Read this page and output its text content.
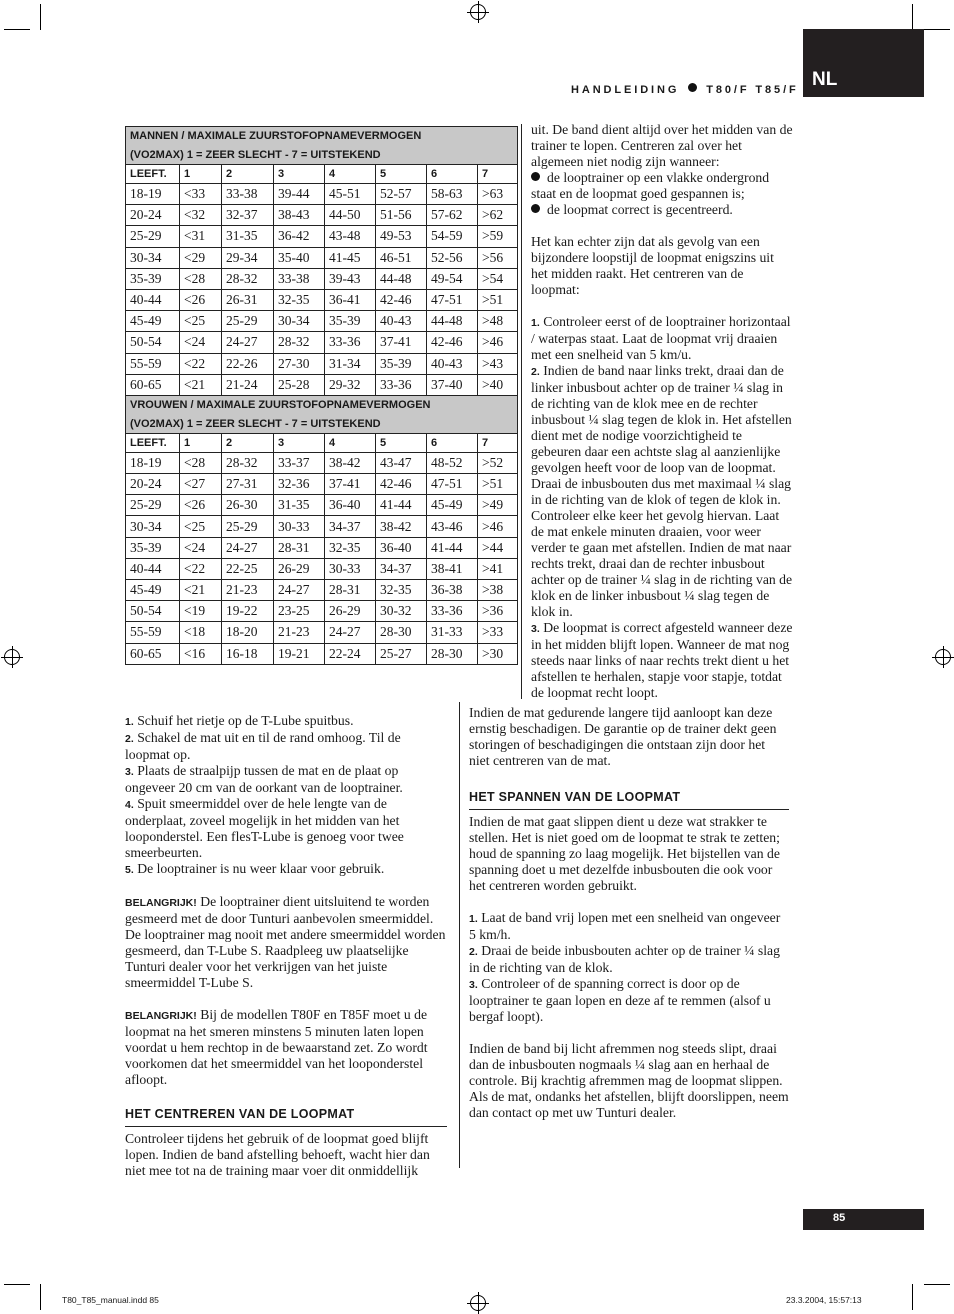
NL
HANDLEIDING T80/F T85/F
MANNEN / MAXIMALE ZUURSTOFOPNAMEVERMOGEN							
(VO2MAX) 1 = ZEER SLECHT - 7 = UITSTEKEND							
LEEFT.	1	2	3	4	5	6	7
18-19	<33	33-38	39-44	45-51	52-57	58-63	>63
20-24	<32	32-37	38-43	44-50	51-56	57-62	>62
25-29	<31	31-35	36-42	43-48	49-53	54-59	>59
30-34	<29	29-34	35-40	41-45	46-51	52-56	>56
35-39	<28	28-32	33-38	39-43	44-48	49-54	>54
40-44	<26	26-31	32-35	36-41	42-46	47-51	>51
45-49	<25	25-29	30-34	35-39	40-43	44-48	>48
50-54	<24	24-27	28-32	33-36	37-41	42-46	>46
55-59	<22	22-26	27-30	31-34	35-39	40-43	>43
60-65	<21	21-24	25-28	29-32	33-36	37-40	>40
VROUWEN / MAXIMALE ZUURSTOFOPNAMEVERMOGEN							
(VO2MAX) 1 = ZEER SLECHT - 7 = UITSTEKEND							
LEEFT.	1	2	3	4	5	6	7
18-19	<28	28-32	33-37	38-42	43-47	48-52	>52
20-24	<27	27-31	32-36	37-41	42-46	47-51	>51
25-29	<26	26-30	31-35	36-40	41-44	45-49	>49
30-34	<25	25-29	30-33	34-37	38-42	43-46	>46
35-39	<24	24-27	28-31	32-35	36-40	41-44	>44
40-44	<22	22-25	26-29	30-33	34-37	38-41	>41
45-49	<21	21-23	24-27	28-31	32-35	36-38	>38
50-54	<19	19-22	23-25	26-29	30-32	33-36	>36
55-59	<18	18-20	21-23	24-27	28-30	31-33	>33
60-65	<16	16-18	19-21	22-24	25-27	28-30	>30

1. Schuif het rietje op de T-Lube spuitbus.

2. Schakel de mat uit en til de rand omhoog. Til de loopmat op.

3. Plaats de straalpijp tussen de mat en de plaat op ongeveer 20 cm van de oorkant van de looptrainer.

4. Spuit smeermiddel over de hele lengte van de onderplaat, zoveel mogelijk in het midden van het looponderstel. Een flesT-Lube is genoeg voor twee smeerbeurten.

5. De looptrainer is nu weer klaar voor gebruik.

BELANGRIJK! De looptrainer dient uitsluitend te worden gesmeerd met de door Tunturi aanbevolen smeermiddel. De looptrainer mag nooit met andere smeermiddel worden gesmeerd, dan T-Lube S. Raadpleeg uw plaatselijke Tunturi dealer voor het verkrijgen van het juiste smeermiddel T-Lube S.

BELANGRIJK! Bij de modellen T80F en T85F moet u de loopmat na het smeren minstens 5 minuten laten lopen voordat u hem rechtop in de bewaarstand zet. Zo wordt voorkomen dat het smeermiddel van het looponderstel afloopt.

HET CENTREREN VAN DE LOOPMAT

Controleer tijdens het gebruik of de loopmat goed blijft lopen. Indien de band afstelling behoeft, wacht hier dan niet mee tot na de training maar voer dit onmiddellijk

uit. De band dient altijd over het midden van de trainer te lopen. Centreren zal over het algemeen niet nodig zijn wanneer:

de looptrainer op een vlakke ondergrond staat en de loopmat goed gespannen is;

de loopmat correct is gecentreerd.

Het kan echter zijn dat als gevolg van een bijzondere loopstijl de loopmat enigszins uit het midden raakt. Het centreren van de loopmat:

1. Controleer eerst of de looptrainer horizontaal / waterpas staat. Laat de loopmat vrij draaien met een snelheid van 5 km/u.

2. Indien de band naar links trekt, draai dan de linker inbusbout achter op de trainer ¼ slag in de richting van de klok mee en de rechter inbusbout ¼ slag tegen de klok in. Het afstellen dient met de nodige voorzichtigheid te gebeuren daar een achtste slag al aanzienlijke gevolgen heeft voor de loop van de loopmat. Draai de inbusbouten dus met maximaal ¼ slag in de richting van de klok of tegen de klok in. Controleer elke keer het gevolg hiervan. Laat de mat enkele minuten draaien, voor weer verder te gaan met afstellen. Indien de mat naar rechts trekt, draai dan de rechter inbusbout achter op de trainer ¼ slag in de richting van de klok en de linker inbusbout ¼ slag tegen de klok in.

3. De loopmat is correct afgesteld wanneer deze in het midden blijft lopen. Wanneer de mat nog steeds naar links of naar rechts trekt dient u het afstellen te herhalen, stapje voor stapje, totdat de loopmat recht loopt.

Indien de mat gedurende langere tijd aanloopt kan deze ernstig beschadigen. De garantie op de trainer dekt geen storingen of beschadigingen die ontstaan zijn door het niet centreren van de mat.

HET SPANNEN VAN DE LOOPMAT

Indien de mat gaat slippen dient u deze wat strakker te stellen. Het is niet goed om de loopmat te strak te zetten; houd de spanning zo laag mogelijk. Het bijstellen van de spanning doet u met dezelfde inbusbouten die ook voor het centreren worden gebruikt.

1. Laat de band vrij lopen met een snelheid van ongeveer 5 km/h.

2. Draai de beide inbusbouten achter op de trainer ¼ slag in de richting van de klok.

3. Controleer of de spanning correct is door op de looptrainer te gaan lopen en deze af te remmen (alsof u bergaf loopt).

Indien de band bij licht afremmen nog steeds slipt, draai dan de inbusbouten nogmaals ¼ slag aan en herhaal de controle. Bij krachtig afremmen mag de loopmat slippen. Als de mat, ondanks het afstellen, blijft doorslippen, neem dan contact op met uw Tunturi dealer.

85
T80_T85_manual.indd 85	23.3.2004, 15:57:13
